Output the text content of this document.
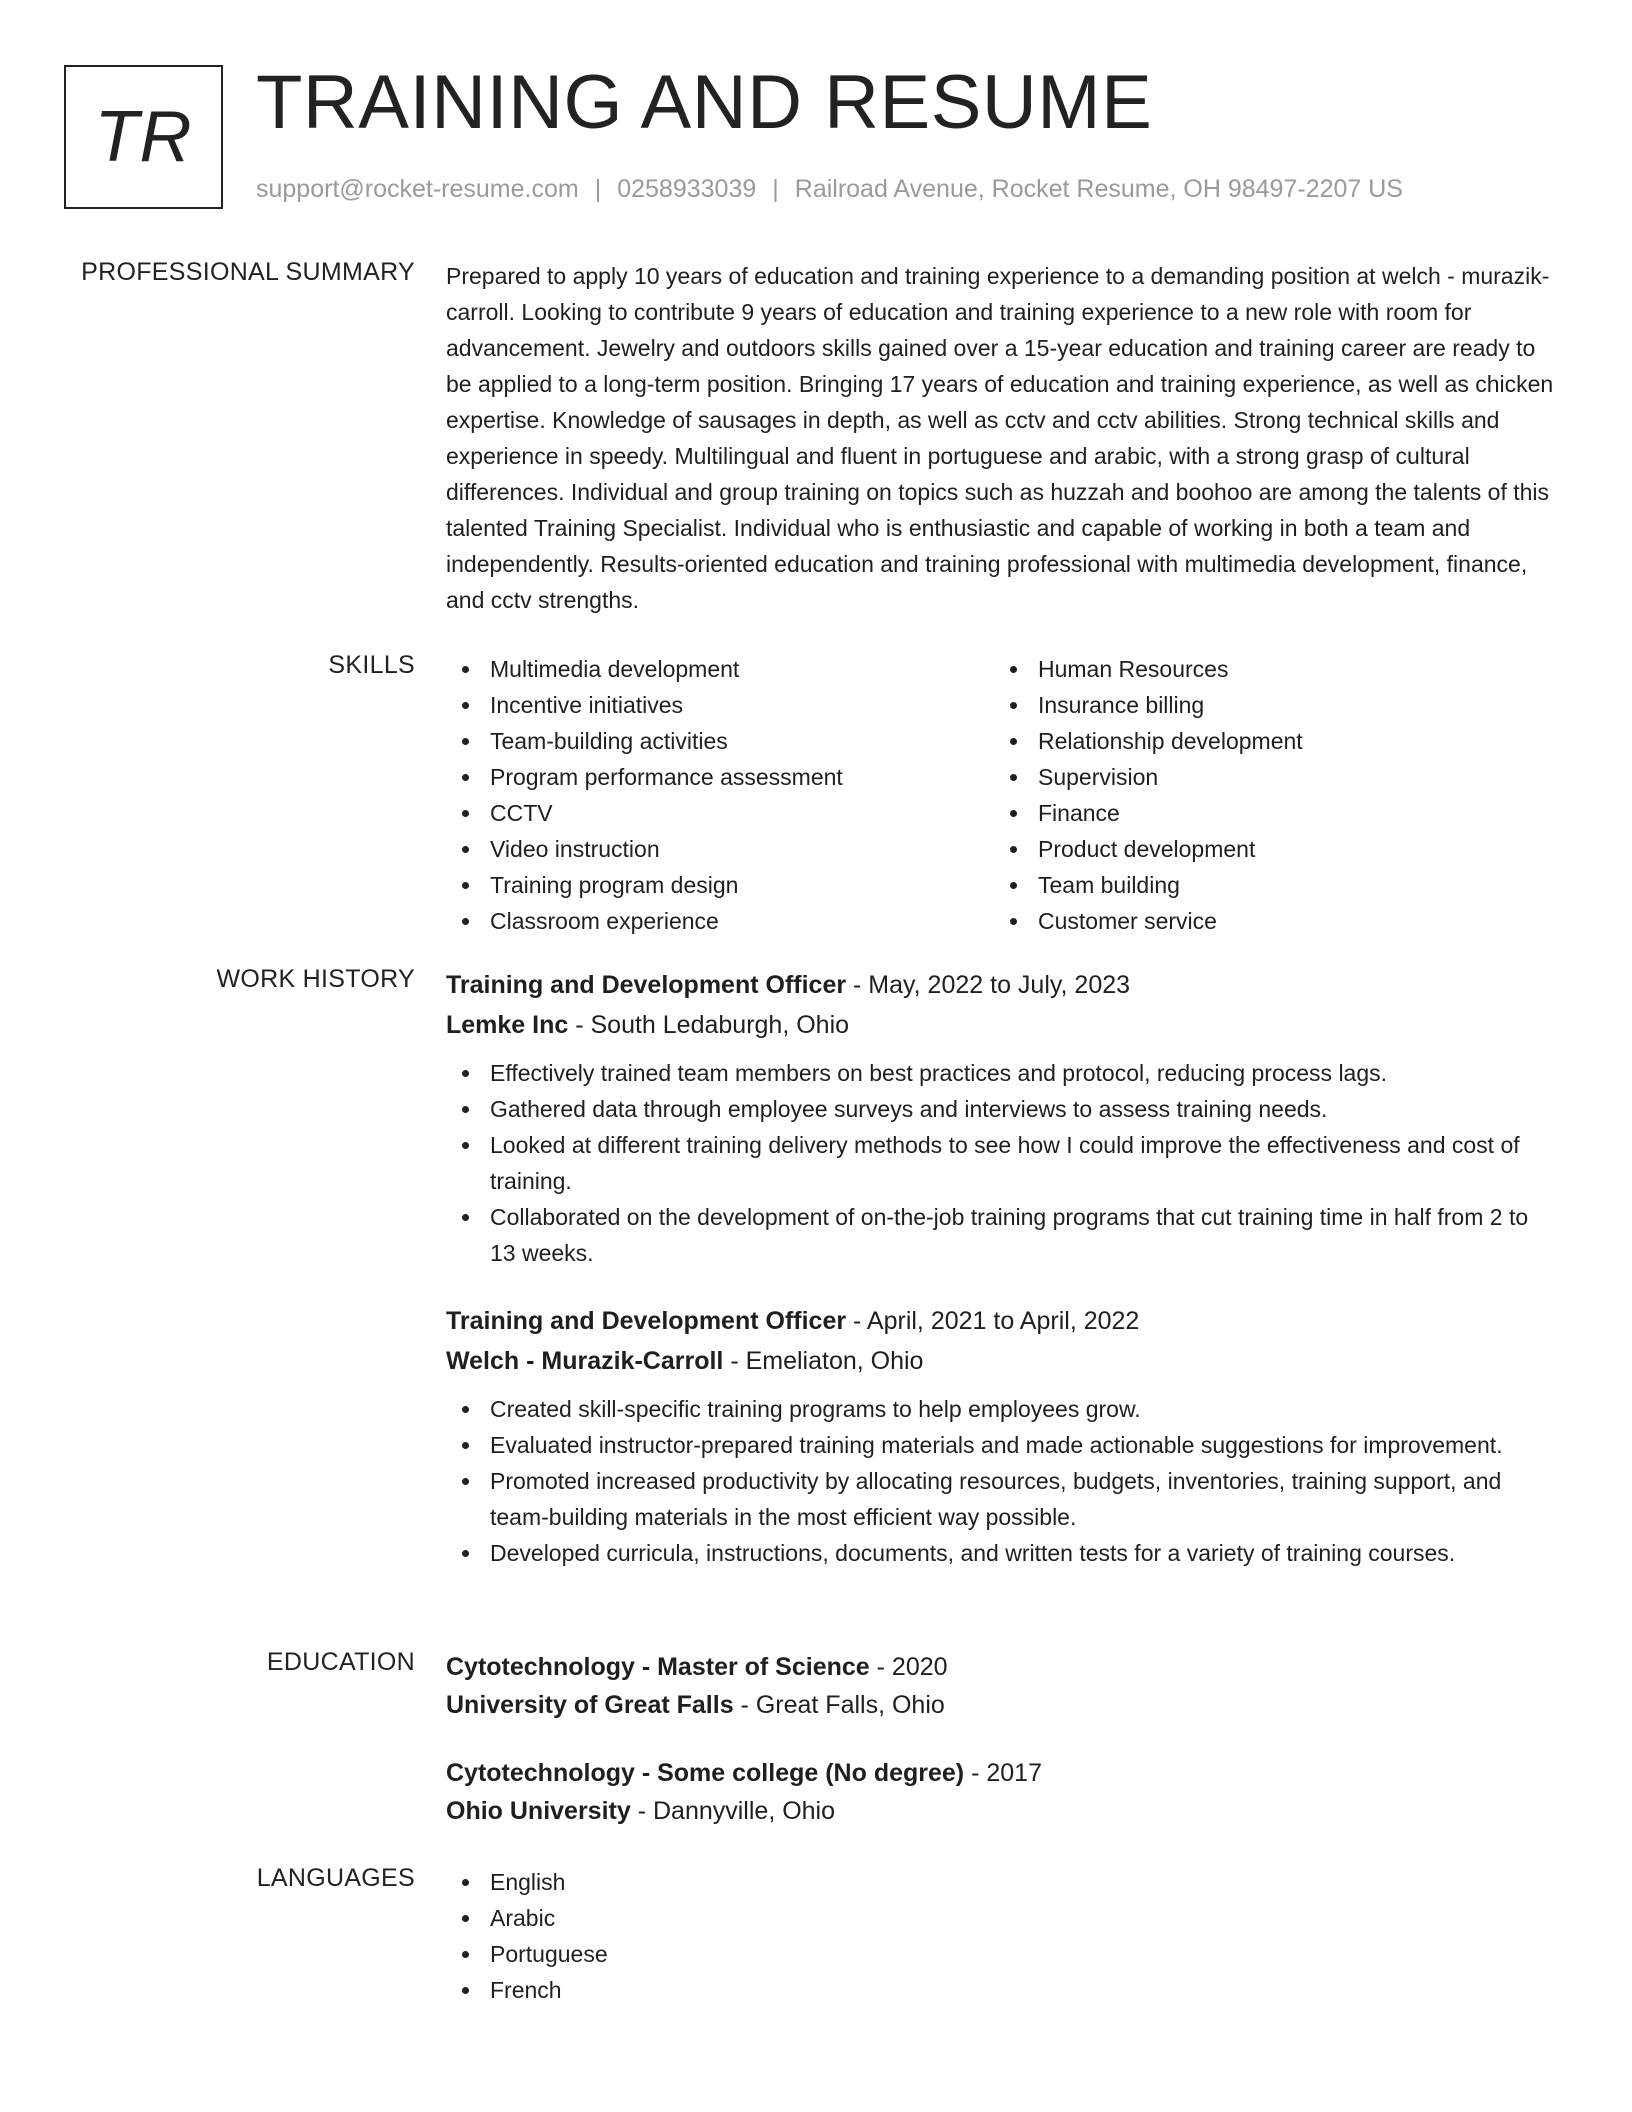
TR TRAINING AND RESUME
support@rocket-resume.com | 0258933039 | Railroad Avenue, Rocket Resume, OH 98497-2207 US
PROFESSIONAL SUMMARY Prepared to apply 10 years of education and training experience to a demanding position at welch - murazik-carroll. Looking to contribute 9 years of education and training experience to a new role with room for advancement. Jewelry and outdoors skills gained over a 15-year education and training career are ready to be applied to a long-term position. Bringing 17 years of education and training experience, as well as chicken expertise. Knowledge of sausages in depth, as well as cctv and cctv abilities. Strong technical skills and experience in speedy. Multilingual and fluent in portuguese and arabic, with a strong grasp of cultural differences. Individual and group training on topics such as huzzah and boohoo are among the talents of this talented Training Specialist. Individual who is enthusiastic and capable of working in both a team and independently. Results-oriented education and training professional with multimedia development, finance, and cctv strengths.
SKILLS	Multimedia development
Incentive initiatives
Team-building activities
Program performance assessment
CCTV
Video instruction
Training program design
Classroom experience
Human Resources
Insurance billing
Relationship development
Supervision
Finance
Product development
Team building
Customer service
WORK HISTORY Training and Development Officer - May, 2022 to July, 2023
Lemke Inc - South Ledaburgh, Ohio
Effectively trained team members on best practices and protocol, reducing process lags.
Gathered data through employee surveys and interviews to assess training needs.
Looked at different training delivery methods to see how I could improve the effectiveness and cost of training.
Collaborated on the development of on-the-job training programs that cut training time in half from 2 to 13 weeks.
Training and Development Officer - April, 2021 to April, 2022
Welch - Murazik-Carroll - Emeliaton, Ohio
Created skill-specific training programs to help employees grow.
Evaluated instructor-prepared training materials and made actionable suggestions for improvement.
Promoted increased productivity by allocating resources, budgets, inventories, training support, and team-building materials in the most efficient way possible.
Developed curricula, instructions, documents, and written tests for a variety of training courses.
EDUCATION Cytotechnology - Master of Science - 2020
University of Great Falls - Great Falls, Ohio
Cytotechnology - Some college (No degree) - 2017
Ohio University - Dannyville, Ohio
LANGUAGES	English
Arabic
Portuguese
French
